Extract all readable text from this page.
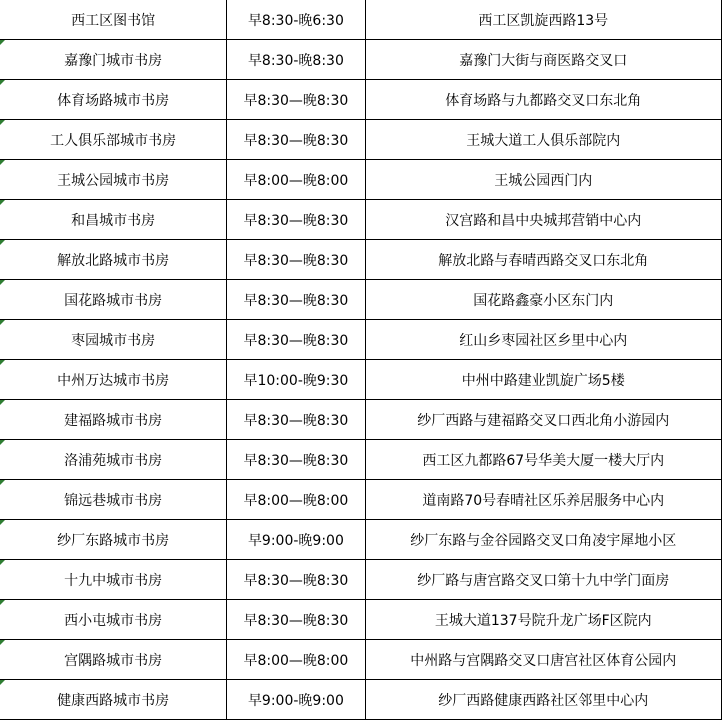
西工区图书馆	早8:30-晚6:30	西工区凯旋西路13号

嘉豫门城市书房	早8:30-晚8:30	嘉豫门大街与商医路交叉口

体育场路城市书房	早8:30—晚8:30	体育场路与九都路交叉口东北角

工人俱乐部城市书房	早8:30—晚8:30	王城大道工人俱乐部院内

王城公园城市书房	早8:00—晚8:00	王城公园西门内

和昌城市书房	早8:30—晚8:30	汉宫路和昌中央城邦营销中心内

解放北路城市书房	早8:30—晚8:30	解放北路与春晴西路交叉口东北角

国花路城市书房	早8:30—晚8:30	国花路鑫豪小区东门内

枣园城市书房	早8:30—晚8:30	红山乡枣园社区乡里中心内

中州万达城市书房	早10:00-晚9:30	中州中路建业凯旋广场5楼

建福路城市书房	早8:30—晚8:30	纱厂西路与建福路交叉口西北角小游园内

洛浦苑城市书房	早8:30—晚8:30	西工区九都路67号华美大厦一楼大厅内

锦远巷城市书房	早8:00—晚8:00	道南路70号春晴社区乐养居服务中心内

纱厂东路城市书房	早9:00-晚9:00	纱厂东路与金谷园路交叉口角凌宇犀地小区

十九中城市书房	早8:30—晚8:30	纱厂路与唐宫路交叉口第十九中学门面房

西小屯城市书房	早8:30—晚8:30	王城大道137号院升龙广场F区院内

宫隅路城市书房	早8:00—晚8:00	中州路与宫隅路交叉口唐宫社区体育公园内

健康西路城市书房	早9:00-晚9:00	纱厂西路健康西路社区邻里中心内
